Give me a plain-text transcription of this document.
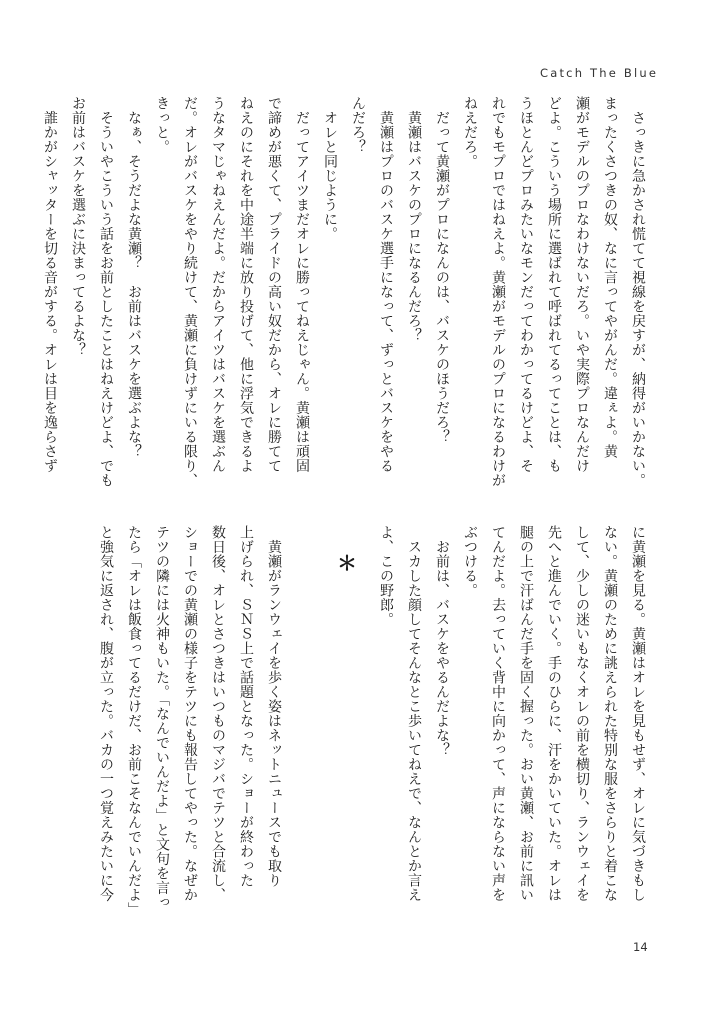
Catch The Blue
　さっきに急かされ慌てて視線を戻すが、納得がいかない。
まったくさつきの奴、なに言ってやがんだ。違ぇよ。黄
瀬がモデルのプロなわけないだろ。いや実際プロなんだけ
どよ。こういう場所に選ばれて呼ばれてるってことは、も
うほとんどプロみたいなモンだってわかってるけどよ、そ
れでもモプロではねえよ。黄瀬がモデルのプロになるわけが
ねえだろ。
　だって黄瀬がプロになんのは、バスケのほうだろ？
　黄瀬はバスケのプロになるんだろ？
　黄瀬はプロのバスケ選手になって、ずっとバスケをやる
んだろ？
　オレと同じように。
　だってアイツまだオレに勝ってねえじゃん。黄瀬は頑固
で諦めが悪くて、プライドの高い奴だから、オレに勝てて
ねえのにそれを中途半端に放り投げて、他に浮気できるよ
うなタマじゃねえんだよ。だからアイツはバスケを選ぶん
だ。オレがバスケをやり続けて、黄瀬に負けずにいる限り、
きっと。
　なぁ、そうだよな黄瀬？　お前はバスケを選ぶよな？
　そういやこういう話をお前としたことはねえけどよ、でも
お前はバスケを選ぶに決まってるよな？
　誰かがシャッターを切る音がする。オレは目を逸らさず
＊	に黄瀬を見る。黄瀬はオレを見もせず、オレに気づきもし
ない。黄瀬のために誂えられた特別な服をさらりと着こな
して、少しの迷いもなくオレの前を横切り、ランウェイを
先へと進んでいく。手のひらに、汗をかいていた。オレは
腿の上で汗ばんだ手を固く握った。おい黄瀬、お前に訊い
てんだよ。去っていく背中に向かって、声にならない声を
ぶつける。
　お前は、バスケをやるんだよな？
　スカした顔してそんなとこ歩いてねえで、なんとか言え
よ、この野郎。
　黄瀬がランウェイを歩く姿はネットニュースでも取り
上げられ、ＳＮＳ上で話題となった。ショーが終わった
数日後、オレとさつきはいつものマジバでテツと合流し、
ショーでの黄瀬の様子をテツにも報告してやった。なぜか
テツの隣には火神もいた。「なんでいんだよ」と文句を言っ
たら「オレは飯食ってるだけだ、お前こそなんでいんだよ」
と強気に返され、腹が立った。バカの一つ覚えみたいに今
14
